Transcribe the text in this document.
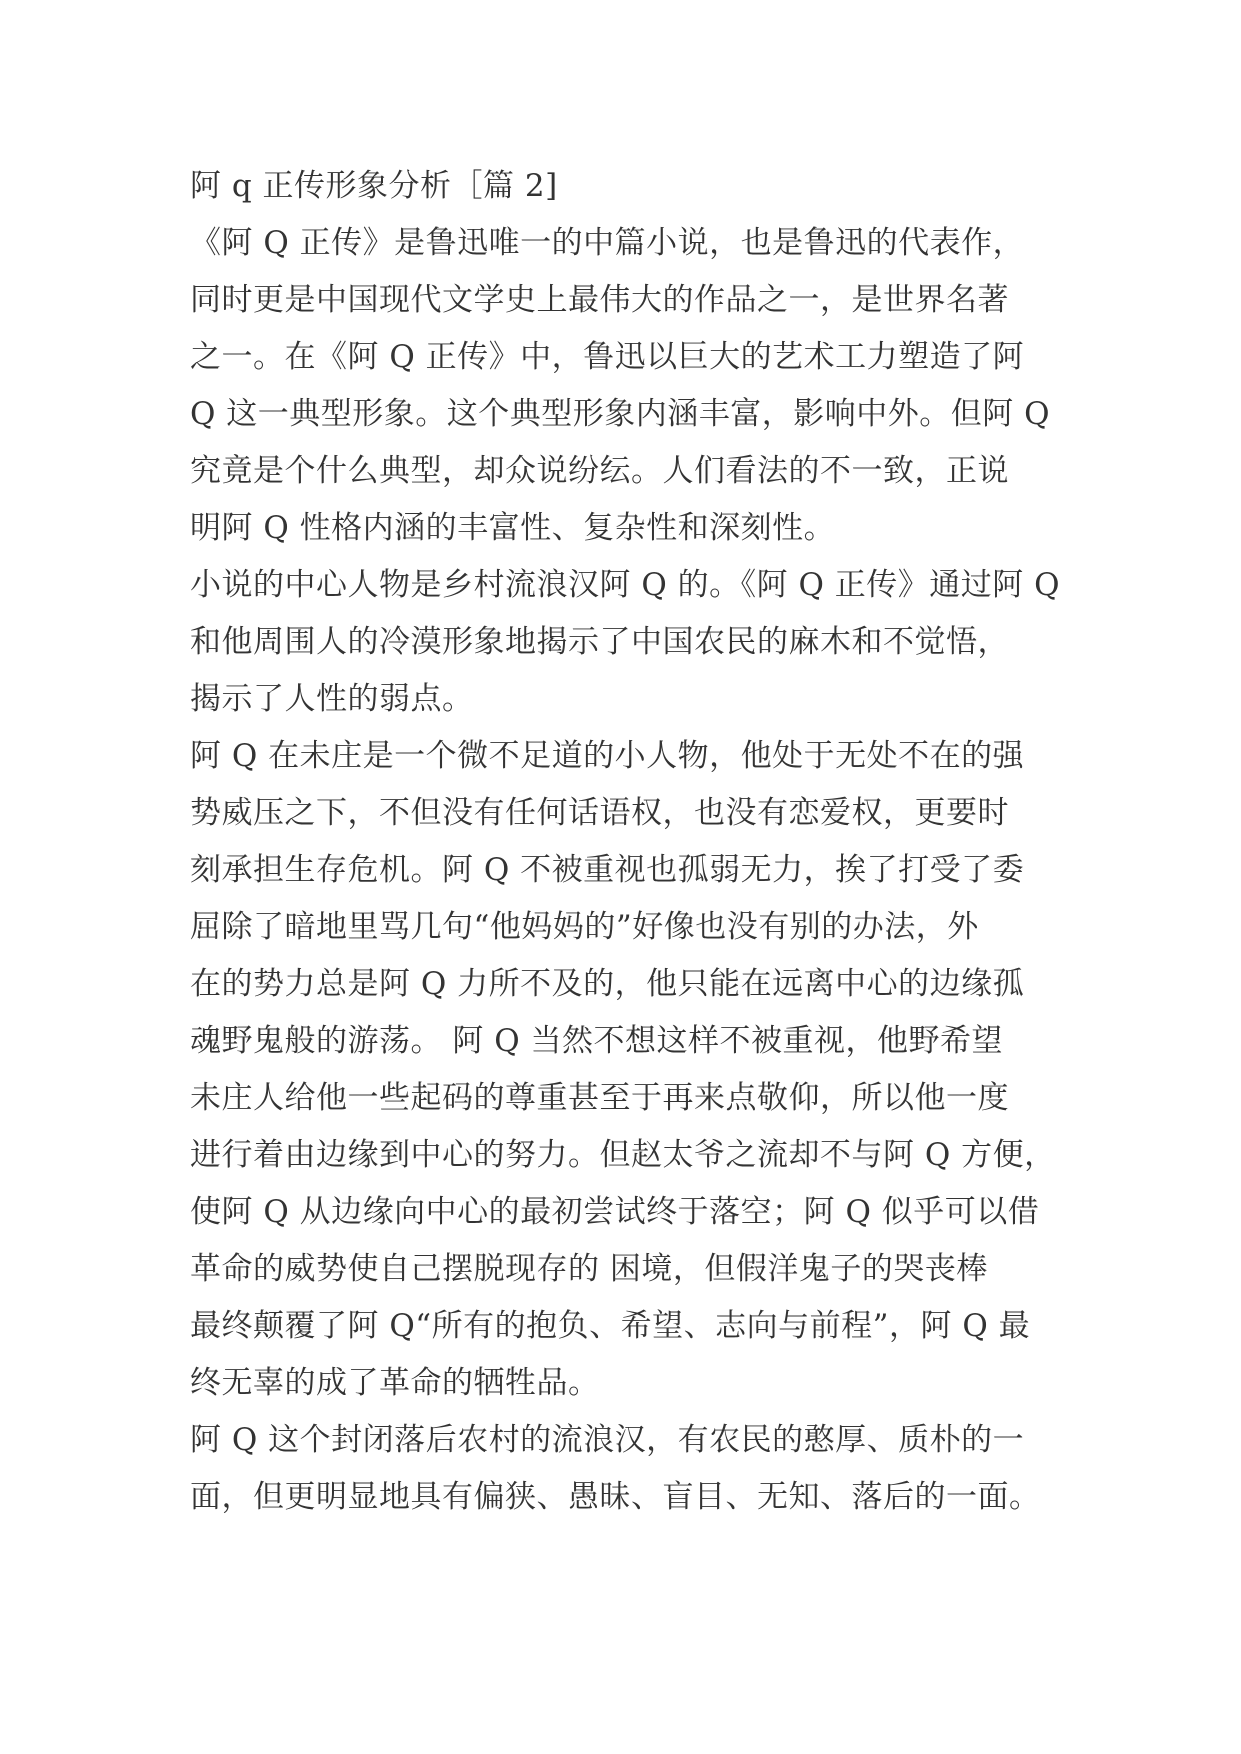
阿 q 正传形象分析［篇 2]
《阿 Q 正传》是鲁迅唯一的中篇小说，也是鲁迅的代表作，
同时更是中国现代文学史上最伟大的作品之一，是世界名著
之一。在《阿 Q 正传》中，鲁迅以巨大的艺术工力塑造了阿
Q 这一典型形象。这个典型形象内涵丰富，影响中外。但阿 Q
究竟是个什么典型，却众说纷纭。人们看法的不一致，正说
明阿 Q 性格内涵的丰富性、复杂性和深刻性。
小说的中心人物是乡村流浪汉阿 Q 的。《阿 Q 正传》通过阿 Q
和他周围人的冷漠形象地揭示了中国农民的麻木和不觉悟，
揭示了人性的弱点。
阿 Q 在未庄是一个微不足道的小人物，他处于无处不在的强
势威压之下，不但没有任何话语权，也没有恋爱权，更要时
刻承担生存危机。阿 Q 不被重视也孤弱无力，挨了打受了委
屈除了暗地里骂几句“他妈妈的”好像也没有别的办法，外
在的势力总是阿 Q 力所不及的，他只能在远离中心的边缘孤
魂野鬼般的游荡。 阿 Q 当然不想这样不被重视，他野希望
未庄人给他一些起码的尊重甚至于再来点敬仰，所以他一度
进行着由边缘到中心的努力。但赵太爷之流却不与阿 Q 方便，
使阿 Q 从边缘向中心的最初尝试终于落空；阿 Q 似乎可以借
革命的威势使自己摆脱现存的 困境，但假洋鬼子的哭丧棒
最终颠覆了阿 Q“所有的抱负、希望、志向与前程”，阿 Q 最
终无辜的成了革命的牺牲品。
阿 Q 这个封闭落后农村的流浪汉，有农民的憨厚、质朴的一
面，但更明显地具有偏狭、愚昧、盲目、无知、落后的一面。
